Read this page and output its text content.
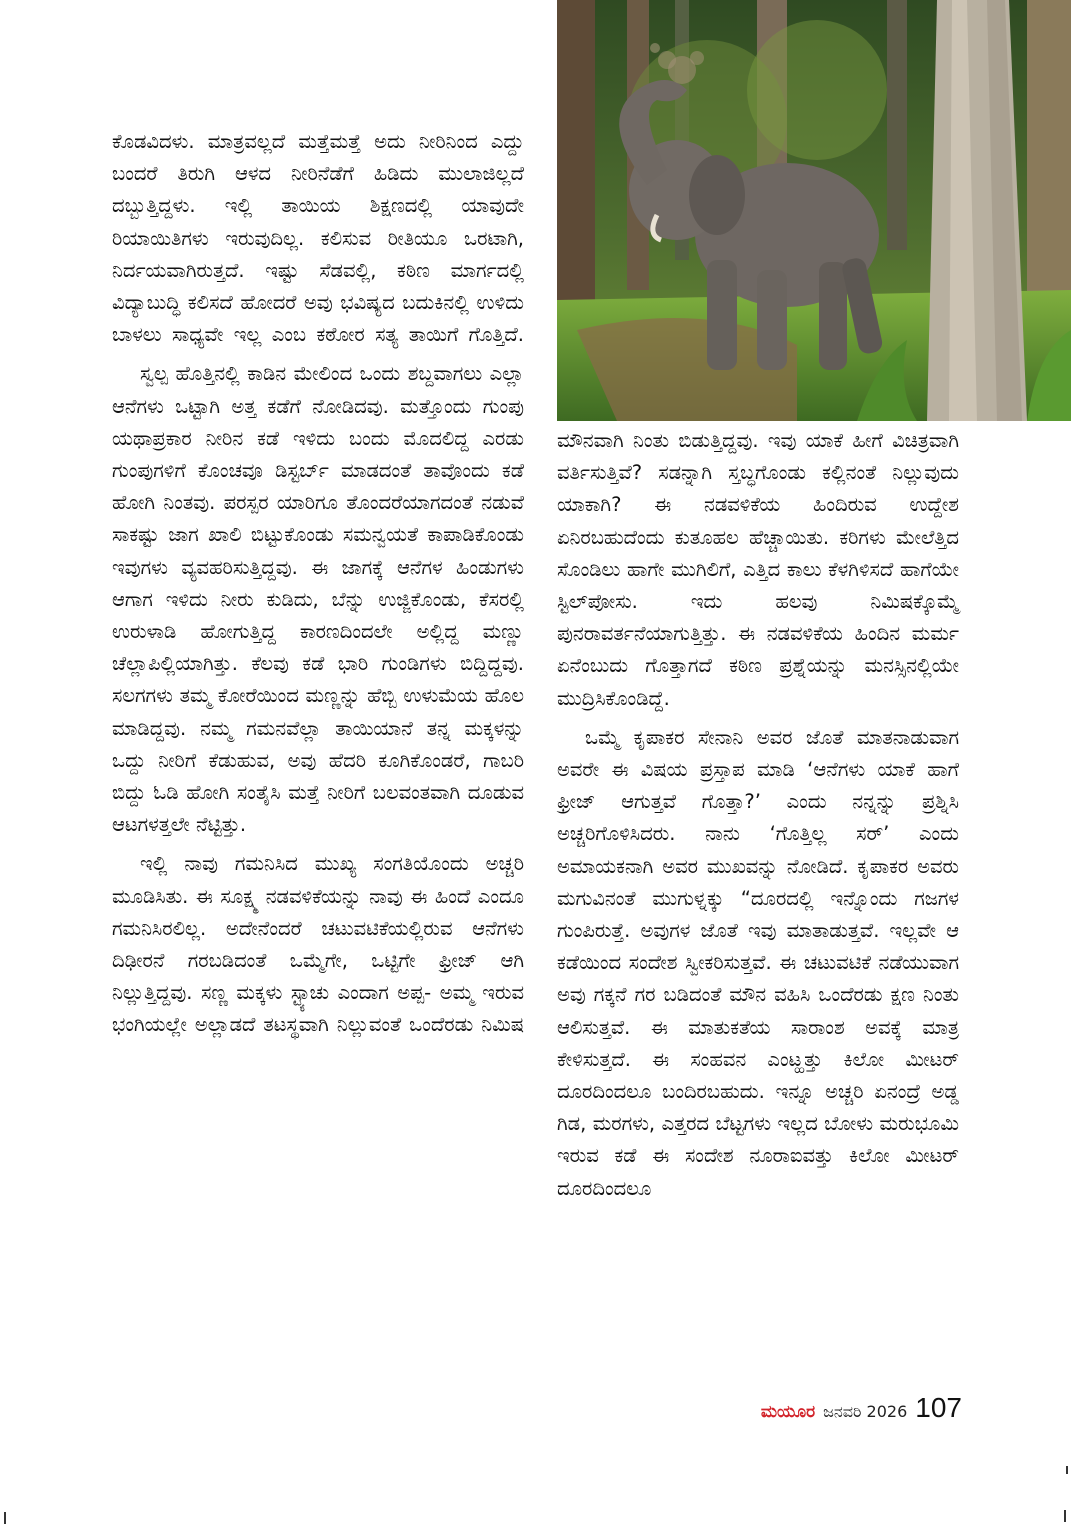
ಕೊಡವಿದಳು. ಮಾತ್ರವಲ್ಲದೆ ಮತ್ತೆಮತ್ತೆ ಅದು ನೀರಿನಿಂದ ಎದ್ದು ಬಂದರೆ ತಿರುಗಿ ಆಳದ ನೀರಿನೆಡೆಗೆ ಹಿಡಿದು ಮುಲಾಜಿಲ್ಲದೆ ದಬ್ಬುತ್ತಿದ್ದಳು. ಇಲ್ಲಿ ತಾಯಿಯ ಶಿಕ್ಷಣದಲ್ಲಿ ಯಾವುದೇ ರಿಯಾಯಿತಿಗಳು ಇರುವುದಿಲ್ಲ. ಕಲಿಸುವ ರೀತಿಯೂ ಒರಟಾಗಿ, ನಿರ್ದಯವಾಗಿರುತ್ತದೆ. ಇಷ್ಟು ಸೆಡವಲ್ಲಿ, ಕಠಿಣ ಮಾರ್ಗದಲ್ಲಿ ವಿದ್ಯಾಬುದ್ಧಿ ಕಲಿಸದೆ ಹೋದರೆ ಅವು ಭವಿಷ್ಯದ ಬದುಕಿನಲ್ಲಿ ಉಳಿದು ಬಾಳಲು ಸಾಧ್ಯವೇ ಇಲ್ಲ ಎಂಬ ಕಠೋರ ಸತ್ಯ ತಾಯಿಗೆ ಗೊತ್ತಿದೆ.

ಸ್ವಲ್ಪ ಹೊತ್ತಿನಲ್ಲಿ ಕಾಡಿನ ಮೇಲಿಂದ ಒಂದು ಶಬ್ದವಾಗಲು ಎಲ್ಲಾ ಆನೆಗಳು ಒಟ್ಟಾಗಿ ಅತ್ತ ಕಡೆಗೆ ನೋಡಿದವು. ಮತ್ತೊಂದು ಗುಂಪು ಯಥಾಪ್ರಕಾರ ನೀರಿನ ಕಡೆ ಇಳಿದು ಬಂದು ಮೊದಲಿದ್ದ ಎರಡು ಗುಂಪುಗಳಿಗೆ ಕೊಂಚವೂ ಡಿಸ್ಟರ್ಬ್ ಮಾಡದಂತೆ ತಾವೊಂದು ಕಡೆ ಹೋಗಿ ನಿಂತವು. ಪರಸ್ಪರ ಯಾರಿಗೂ ತೊಂದರೆಯಾಗದಂತೆ ನಡುವೆ ಸಾಕಷ್ಟು ಜಾಗ ಖಾಲಿ ಬಿಟ್ಟುಕೊಂಡು ಸಮನ್ವಯತೆ ಕಾಪಾಡಿಕೊಂಡು ಇವುಗಳು ವ್ಯವಹರಿಸುತ್ತಿದ್ದವು. ಈ ಜಾಗಕ್ಕೆ ಆನೆಗಳ ಹಿಂಡುಗಳು ಆಗಾಗ ಇಳಿದು ನೀರು ಕುಡಿದು, ಬೆನ್ನು ಉಜ್ಜಿಕೊಂಡು, ಕೆಸರಲ್ಲಿ ಉರುಳಾಡಿ ಹೋಗುತ್ತಿದ್ದ ಕಾರಣದಿಂದಲೇ ಅಲ್ಲಿದ್ದ ಮಣ್ಣು ಚೆಲ್ಲಾಪಿಲ್ಲಿಯಾಗಿತ್ತು. ಕೆಲವು ಕಡೆ ಭಾರಿ ಗುಂಡಿಗಳು ಬಿದ್ದಿದ್ದವು. ಸಲಗಗಳು ತಮ್ಮ ಕೋರೆಯಿಂದ ಮಣ್ಣನ್ನು ಹೆಬ್ಬಿ ಉಳುಮೆಯ ಹೊಲ ಮಾಡಿದ್ದವು. ನಮ್ಮ ಗಮನವೆಲ್ಲಾ ತಾಯಿಯಾನೆ ತನ್ನ ಮಕ್ಕಳನ್ನು ಒದ್ದು ನೀರಿಗೆ ಕೆಡುಹುವ, ಅವು ಹೆದರಿ ಕೂಗಿಕೊಂಡರೆ, ಗಾಬರಿ ಬಿದ್ದು ಓಡಿ ಹೋಗಿ ಸಂತೈಸಿ ಮತ್ತೆ ನೀರಿಗೆ ಬಲವಂತವಾಗಿ ದೂಡುವ ಆಟಗಳತ್ತಲೇ ನೆಟ್ಟಿತ್ತು.

ಇಲ್ಲಿ ನಾವು ಗಮನಿಸಿದ ಮುಖ್ಯ ಸಂಗತಿಯೊಂದು ಅಚ್ಚರಿ ಮೂಡಿಸಿತು. ಈ ಸೂಕ್ಷ್ಮ ನಡವಳಿಕೆಯನ್ನು ನಾವು ಈ ಹಿಂದೆ ಎಂದೂ ಗಮನಿಸಿರಲಿಲ್ಲ. ಅದೇನೆಂದರೆ ಚಟುವಟಿಕೆಯಲ್ಲಿರುವ ಆನೆಗಳು ದಿಢೀರನೆ ಗರಬಡಿದಂತೆ ಒಮ್ಮೆಗೇ, ಒಟ್ಟಿಗೇ ಫ್ರೀಜ್ ಆಗಿ ನಿಲ್ಲುತ್ತಿದ್ದವು. ಸಣ್ಣ ಮಕ್ಕಳು ಸ್ಟ್ಯಾಚು ಎಂದಾಗ ಅಪ್ಪ- ಅಮ್ಮ ಇರುವ ಭಂಗಿಯಲ್ಲೇ ಅಲ್ಲಾಡದೆ ತಟಸ್ಥವಾಗಿ ನಿಲ್ಲುವಂತೆ ಒಂದೆರಡು ನಿಮಿಷ

ಮೌನವಾಗಿ ನಿಂತು ಬಿಡುತ್ತಿದ್ದವು. ಇವು ಯಾಕೆ ಹೀಗೆ ವಿಚಿತ್ರವಾಗಿ ವರ್ತಿಸುತ್ತಿವೆ? ಸಡನ್ನಾಗಿ ಸ್ತಬ್ಧಗೊಂಡು ಕಲ್ಲಿನಂತೆ ನಿಲ್ಲುವುದು ಯಾಕಾಗಿ? ಈ ನಡವಳಿಕೆಯ ಹಿಂದಿರುವ ಉದ್ದೇಶ ಏನಿರಬಹುದೆಂದು ಕುತೂಹಲ ಹೆಚ್ಚಾಯಿತು. ಕರಿಗಳು ಮೇಲೆತ್ತಿದ ಸೊಂಡಿಲು ಹಾಗೇ ಮುಗಿಲಿಗೆ, ಎತ್ತಿದ ಕಾಲು ಕೆಳಗಿಳಿಸದೆ ಹಾಗೆಯೇ ಸ್ಟಿಲ್‌ಪೋಸು. ಇದು ಹಲವು ನಿಮಿಷಕ್ಕೊಮ್ಮೆ ಪುನರಾವರ್ತನೆಯಾಗುತ್ತಿತ್ತು. ಈ ನಡವಳಿಕೆಯ ಹಿಂದಿನ ಮರ್ಮ ಏನೆಂಬುದು ಗೊತ್ತಾಗದೆ ಕಠಿಣ ಪ್ರಶ್ನೆಯನ್ನು ಮನಸ್ಸಿನಲ್ಲಿಯೇ ಮುದ್ರಿಸಿಕೊಂಡಿದ್ದೆ.

ಒಮ್ಮೆ ಕೃಪಾಕರ ಸೇನಾನಿ ಅವರ ಜೊತೆ ಮಾತನಾಡುವಾಗ ಅವರೇ ಈ ವಿಷಯ ಪ್ರಸ್ತಾಪ ಮಾಡಿ ‘ಆನೆಗಳು ಯಾಕೆ ಹಾಗೆ ಫ್ರೀಜ್ ಆಗುತ್ತವೆ ಗೊತ್ತಾ?’ ಎಂದು ನನ್ನನ್ನು ಪ್ರಶ್ನಿಸಿ ಅಚ್ಚರಿಗೊಳಿಸಿದರು. ನಾನು ‘ಗೊತ್ತಿಲ್ಲ ಸರ್’ ಎಂದು ಅಮಾಯಕನಾಗಿ ಅವರ ಮುಖವನ್ನು ನೋಡಿದೆ. ಕೃಪಾಕರ ಅವರು ಮಗುವಿನಂತೆ ಮುಗುಳ್ನಕ್ಕು “ದೂರದಲ್ಲಿ ಇನ್ನೊಂದು ಗಜಗಳ ಗುಂಪಿರುತ್ತೆ. ಅವುಗಳ ಜೊತೆ ಇವು ಮಾತಾಡುತ್ತವೆ. ಇಲ್ಲವೇ ಆ ಕಡೆಯಿಂದ ಸಂದೇಶ ಸ್ವೀಕರಿಸುತ್ತವೆ. ಈ ಚಟುವಟಿಕೆ ನಡೆಯುವಾಗ ಅವು ಗಕ್ಕನೆ ಗರ ಬಡಿದಂತೆ ಮೌನ ವಹಿಸಿ ಒಂದೆರಡು ಕ್ಷಣ ನಿಂತು ಆಲಿಸುತ್ತವೆ. ಈ ಮಾತುಕತೆಯ ಸಾರಾಂಶ ಅವಕ್ಕೆ ಮಾತ್ರ ಕೇಳಿಸುತ್ತದೆ. ಈ ಸಂಹವನ ಎಂಟ್ಹತ್ತು ಕಿಲೋ ಮೀಟರ್ ದೂರದಿಂದಲೂ ಬಂದಿರಬಹುದು. ಇನ್ನೂ ಅಚ್ಚರಿ ಏನಂದ್ರೆ ಅಡ್ಡ ಗಿಡ, ಮರಗಳು, ಎತ್ತರದ ಬೆಟ್ಟಗಳು ಇಲ್ಲದ ಬೋಳು ಮರುಭೂಮಿ ಇರುವ ಕಡೆ ಈ ಸಂದೇಶ ನೂರಾಐವತ್ತು ಕಿಲೋ ಮೀಟರ್ ದೂರದಿಂದಲೂ

ಮಯೂರ ಜನವರಿ 2026 107
